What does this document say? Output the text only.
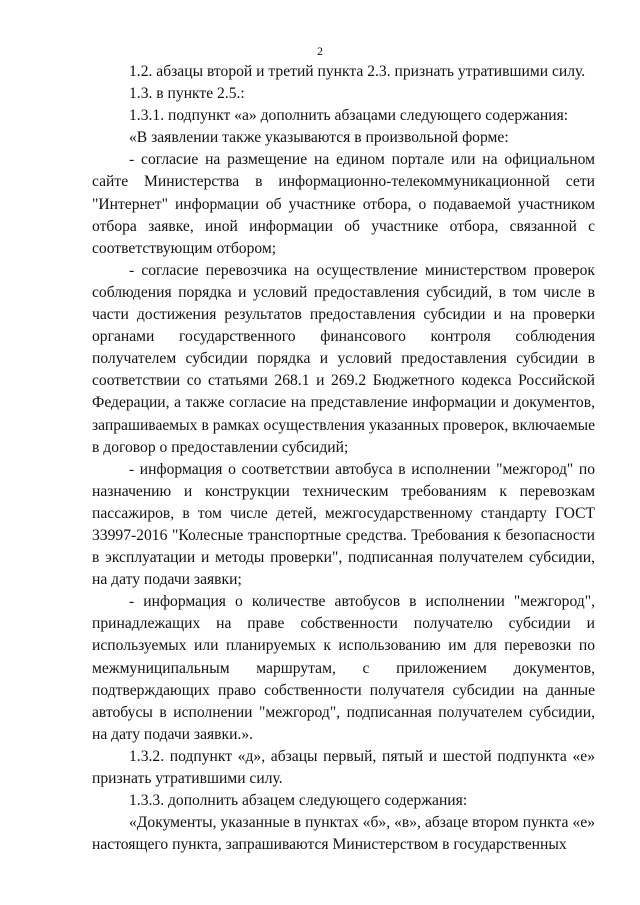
2

1.2. абзацы второй и третий пункта 2.3. признать утратившими силу.

1.3. в пункте 2.5.:

1.3.1. подпункт «а» дополнить абзацами следующего содержания:

«В заявлении также указываются в произвольной форме:

- согласие на размещение на едином портале или на официальном сайте Министерства в информационно-телекоммуникационной сети "Интернет" информации об участнике отбора, о подаваемой участником отбора заявке, иной информации об участнике отбора, связанной с соответствующим отбором;

- согласие перевозчика на осуществление министерством проверок соблюдения порядка и условий предоставления субсидий, в том числе в части достижения результатов предоставления субсидии и на проверки органами государственного финансового контроля соблюдения получателем субсидии порядка и условий предоставления субсидии в соответствии со статьями 268.1 и 269.2 Бюджетного кодекса Российской Федерации, а также согласие на представление информации и документов, запрашиваемых в рамках осуществления указанных проверок, включаемые в договор о предоставлении субсидий;

- информация о соответствии автобуса в исполнении "межгород" по назначению и конструкции техническим требованиям к перевозкам пассажиров, в том числе детей, межгосударственному стандарту ГОСТ 33997-2016 "Колесные транспортные средства. Требования к безопасности в эксплуатации и методы проверки", подписанная получателем субсидии, на дату подачи заявки;

- информация о количестве автобусов в исполнении "межгород", принадлежащих на праве собственности получателю субсидии и используемых или планируемых к использованию им для перевозки по межмуниципальным маршрутам, с приложением документов, подтверждающих право собственности получателя субсидии на данные автобусы в исполнении "межгород", подписанная получателем субсидии, на дату подачи заявки.».

1.3.2. подпункт «д», абзацы первый, пятый и шестой подпункта «е» признать утратившими силу.

1.3.3. дополнить абзацем следующего содержания:

«Документы, указанные в пунктах «б», «в», абзаце втором пункта «е» настоящего пункта, запрашиваются Министерством в государственных
